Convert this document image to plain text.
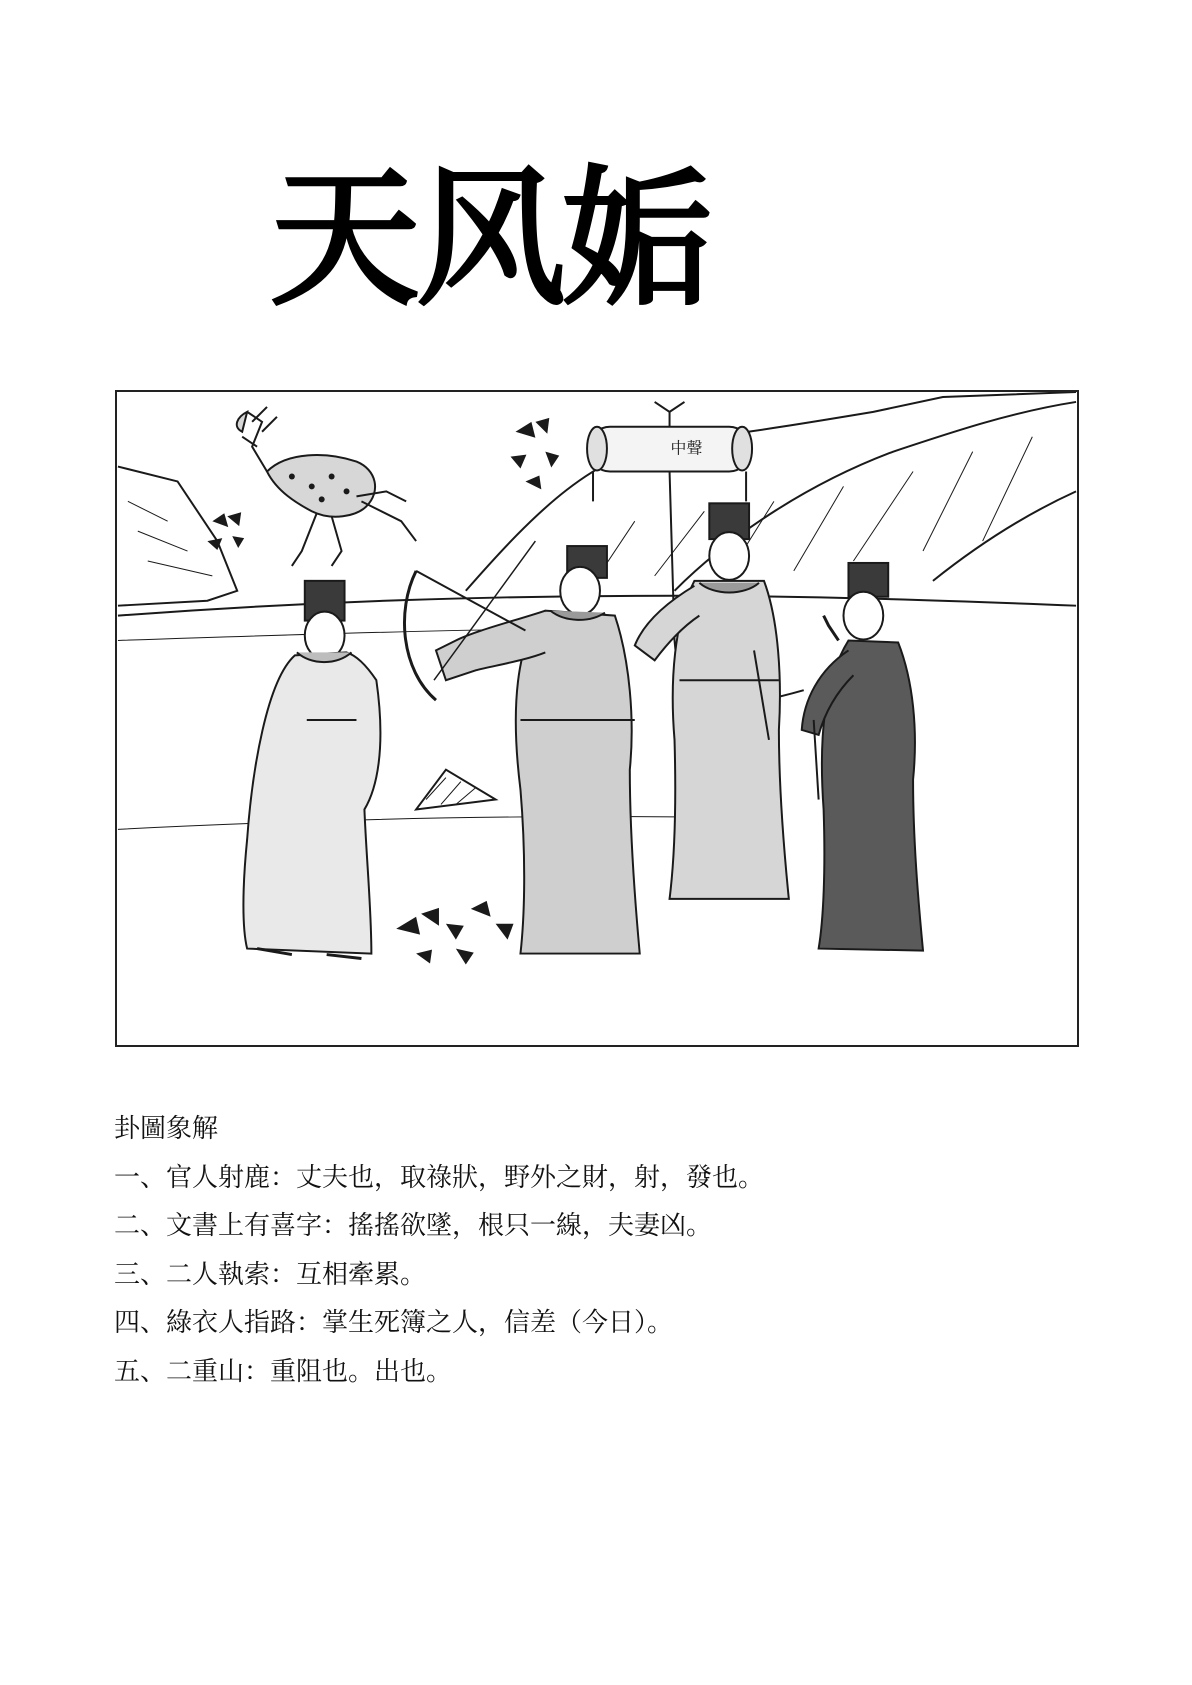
天风姤
中聲
卦圖象解
一、官人射鹿：丈夫也，取祿狀，野外之財，射，發也。
二、文書上有喜字：搖搖欲墜，根只一線，夫妻凶。
三、二人執索：互相牽累。
四、綠衣人指路：掌生死簿之人，信差（今日）。
五、二重山：重阻也。出也。
